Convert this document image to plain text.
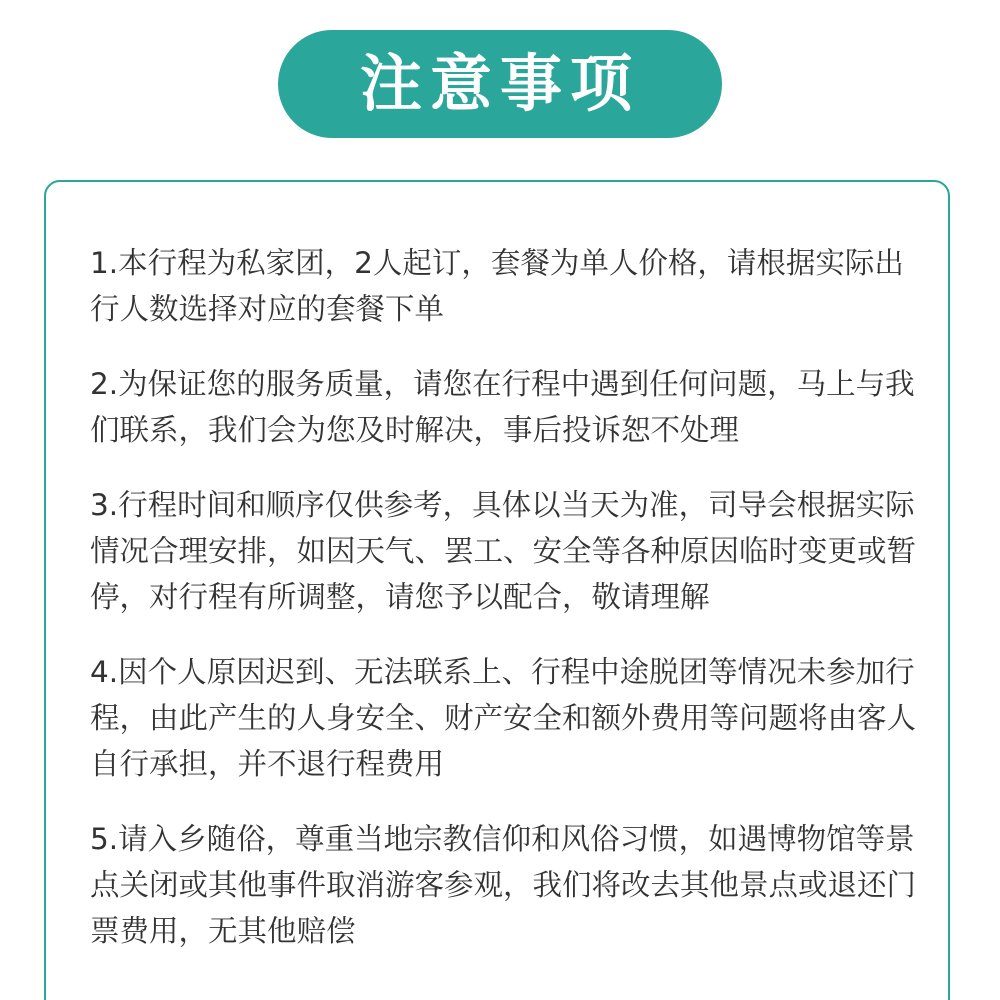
注意事项
1.本行程为私家团，2人起订，套餐为单人价格，请根据实际出行人数选择对应的套餐下单
2.为保证您的服务质量，请您在行程中遇到任何问题，马上与我们联系，我们会为您及时解决，事后投诉恕不处理
3.行程时间和顺序仅供参考，具体以当天为准，司导会根据实际情况合理安排，如因天气、罢工、安全等各种原因临时变更或暂停，对行程有所调整，请您予以配合，敬请理解
4.因个人原因迟到、无法联系上、行程中途脱团等情况未参加行程，由此产生的人身安全、财产安全和额外费用等问题将由客人自行承担，并不退行程费用
5.请入乡随俗，尊重当地宗教信仰和风俗习惯，如遇博物馆等景点关闭或其他事件取消游客参观，我们将改去其他景点或退还门票费用，无其他赔偿
